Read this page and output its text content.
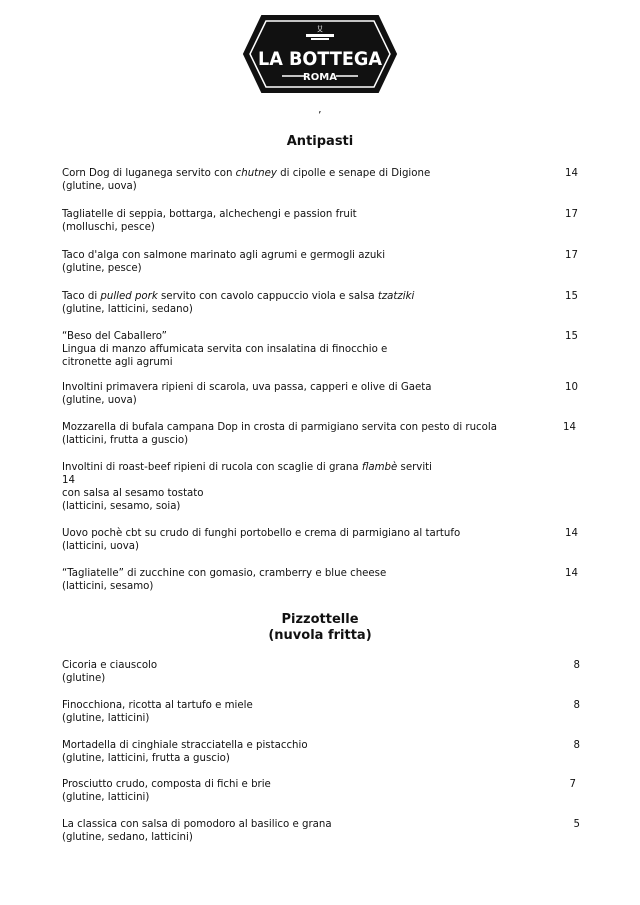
⟆⟅
LA BOTTEGA
ROMA
’
Antipasti
Corn Dog di luganega servito con chutney di cipolle e senape di Digione
(glutine, uova)
14
Tagliatelle di seppia, bottarga, alchechengi e passion fruit
(molluschi, pesce)
17
Taco d'alga con salmone marinato agli agrumi e germogli azuki
(glutine, pesce)
17
Taco di pulled pork servito con cavolo cappuccio viola e salsa tzatziki
(glutine, latticini, sedano)
15
“Beso del Caballero”
Lingua di manzo affumicata servita con insalatina di finocchio e
citronette agli agrumi
15
Involtini primavera ripieni di scarola, uva passa, capperi e olive di Gaeta
(glutine, uova)
10
Mozzarella di bufala campana Dop in crosta di parmigiano servita con pesto di rucola
(latticini, frutta a guscio)
14
Involtini di roast-beef ripieni di rucola con scaglie di grana flambè serviti
14
con salsa al sesamo tostato
(latticini, sesamo, soia)
Uovo pochè cbt su crudo di funghi portobello e crema di parmigiano al tartufo
(latticini, uova)
14
“Tagliatelle” di zucchine con gomasio, cramberry e blue cheese
(latticini, sesamo)
14
Pizzottelle
(nuvola fritta)
Cicoria e ciauscolo
(glutine)
8
Finocchiona, ricotta al tartufo e miele
(glutine, latticini)
8
Mortadella di cinghiale stracciatella e pistacchio
(glutine, latticini, frutta a guscio)
8
Prosciutto crudo, composta di fichi e brie
(glutine, latticini)
7
La classica con salsa di pomodoro al basilico e grana
(glutine, sedano, latticini)
5
